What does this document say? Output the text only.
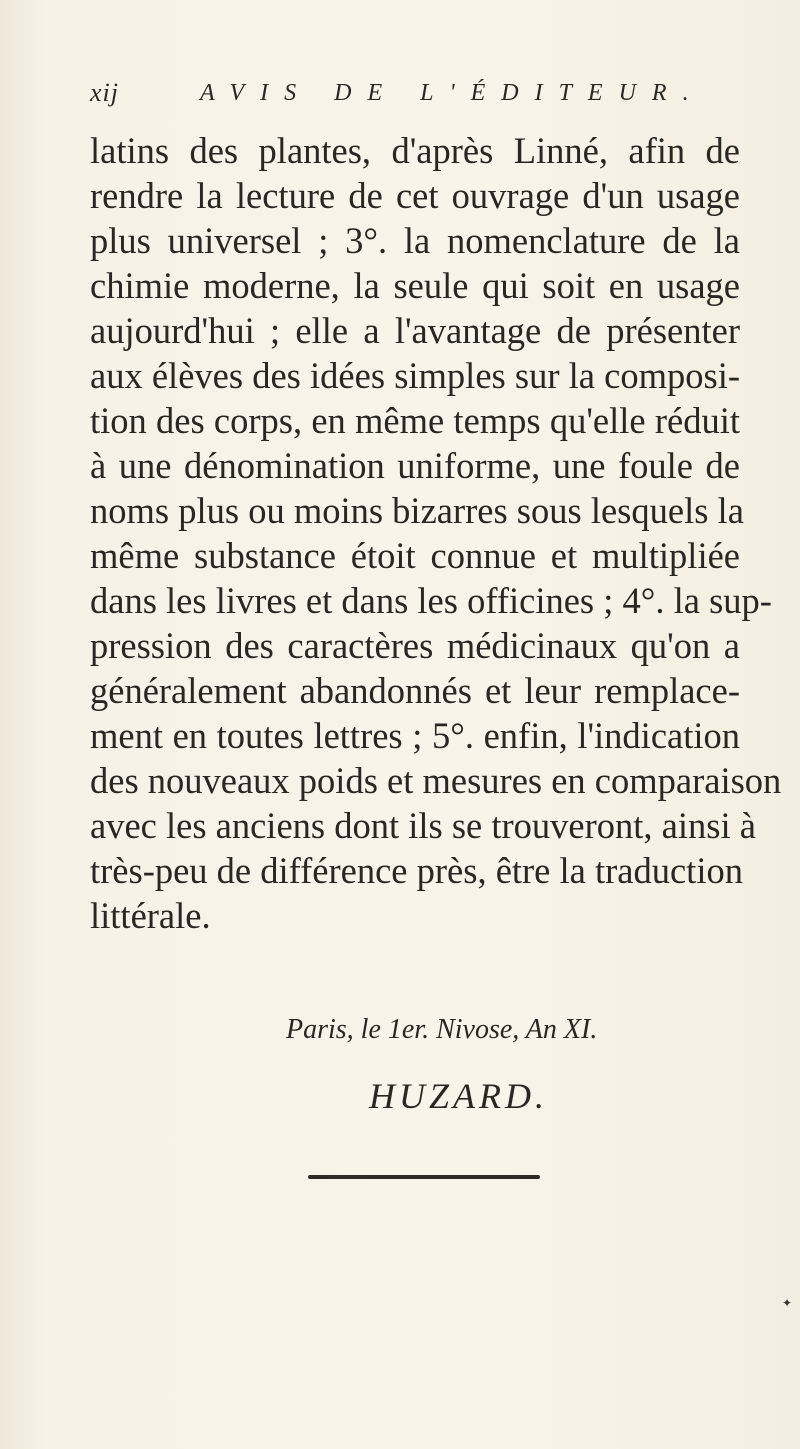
xij	AVIS DE L'ÉDITEUR.
latins des plantes, d'après Linné, afin de
rendre la lecture de cet ouvrage d'un usage
plus universel ; 3°. la nomenclature de la
chimie moderne, la seule qui soit en usage
aujourd'hui ; elle a l'avantage de présenter
aux élèves des idées simples sur la composi-
tion des corps, en même temps qu'elle réduit
à une dénomination uniforme, une foule de
noms plus ou moins bizarres sous lesquels la
même substance étoit connue et multipliée
dans les livres et dans les officines ; 4°. la sup-
pression des caractères médicinaux qu'on a
généralement abandonnés et leur remplace-
ment en toutes lettres ; 5°. enfin, l'indication
des nouveaux poids et mesures en comparaison
avec les anciens dont ils se trouveront, ainsi à
très-peu de différence près, être la traduction
littérale.
Paris, le 1er. Nivose, An XI.
HUZARD.
✦
